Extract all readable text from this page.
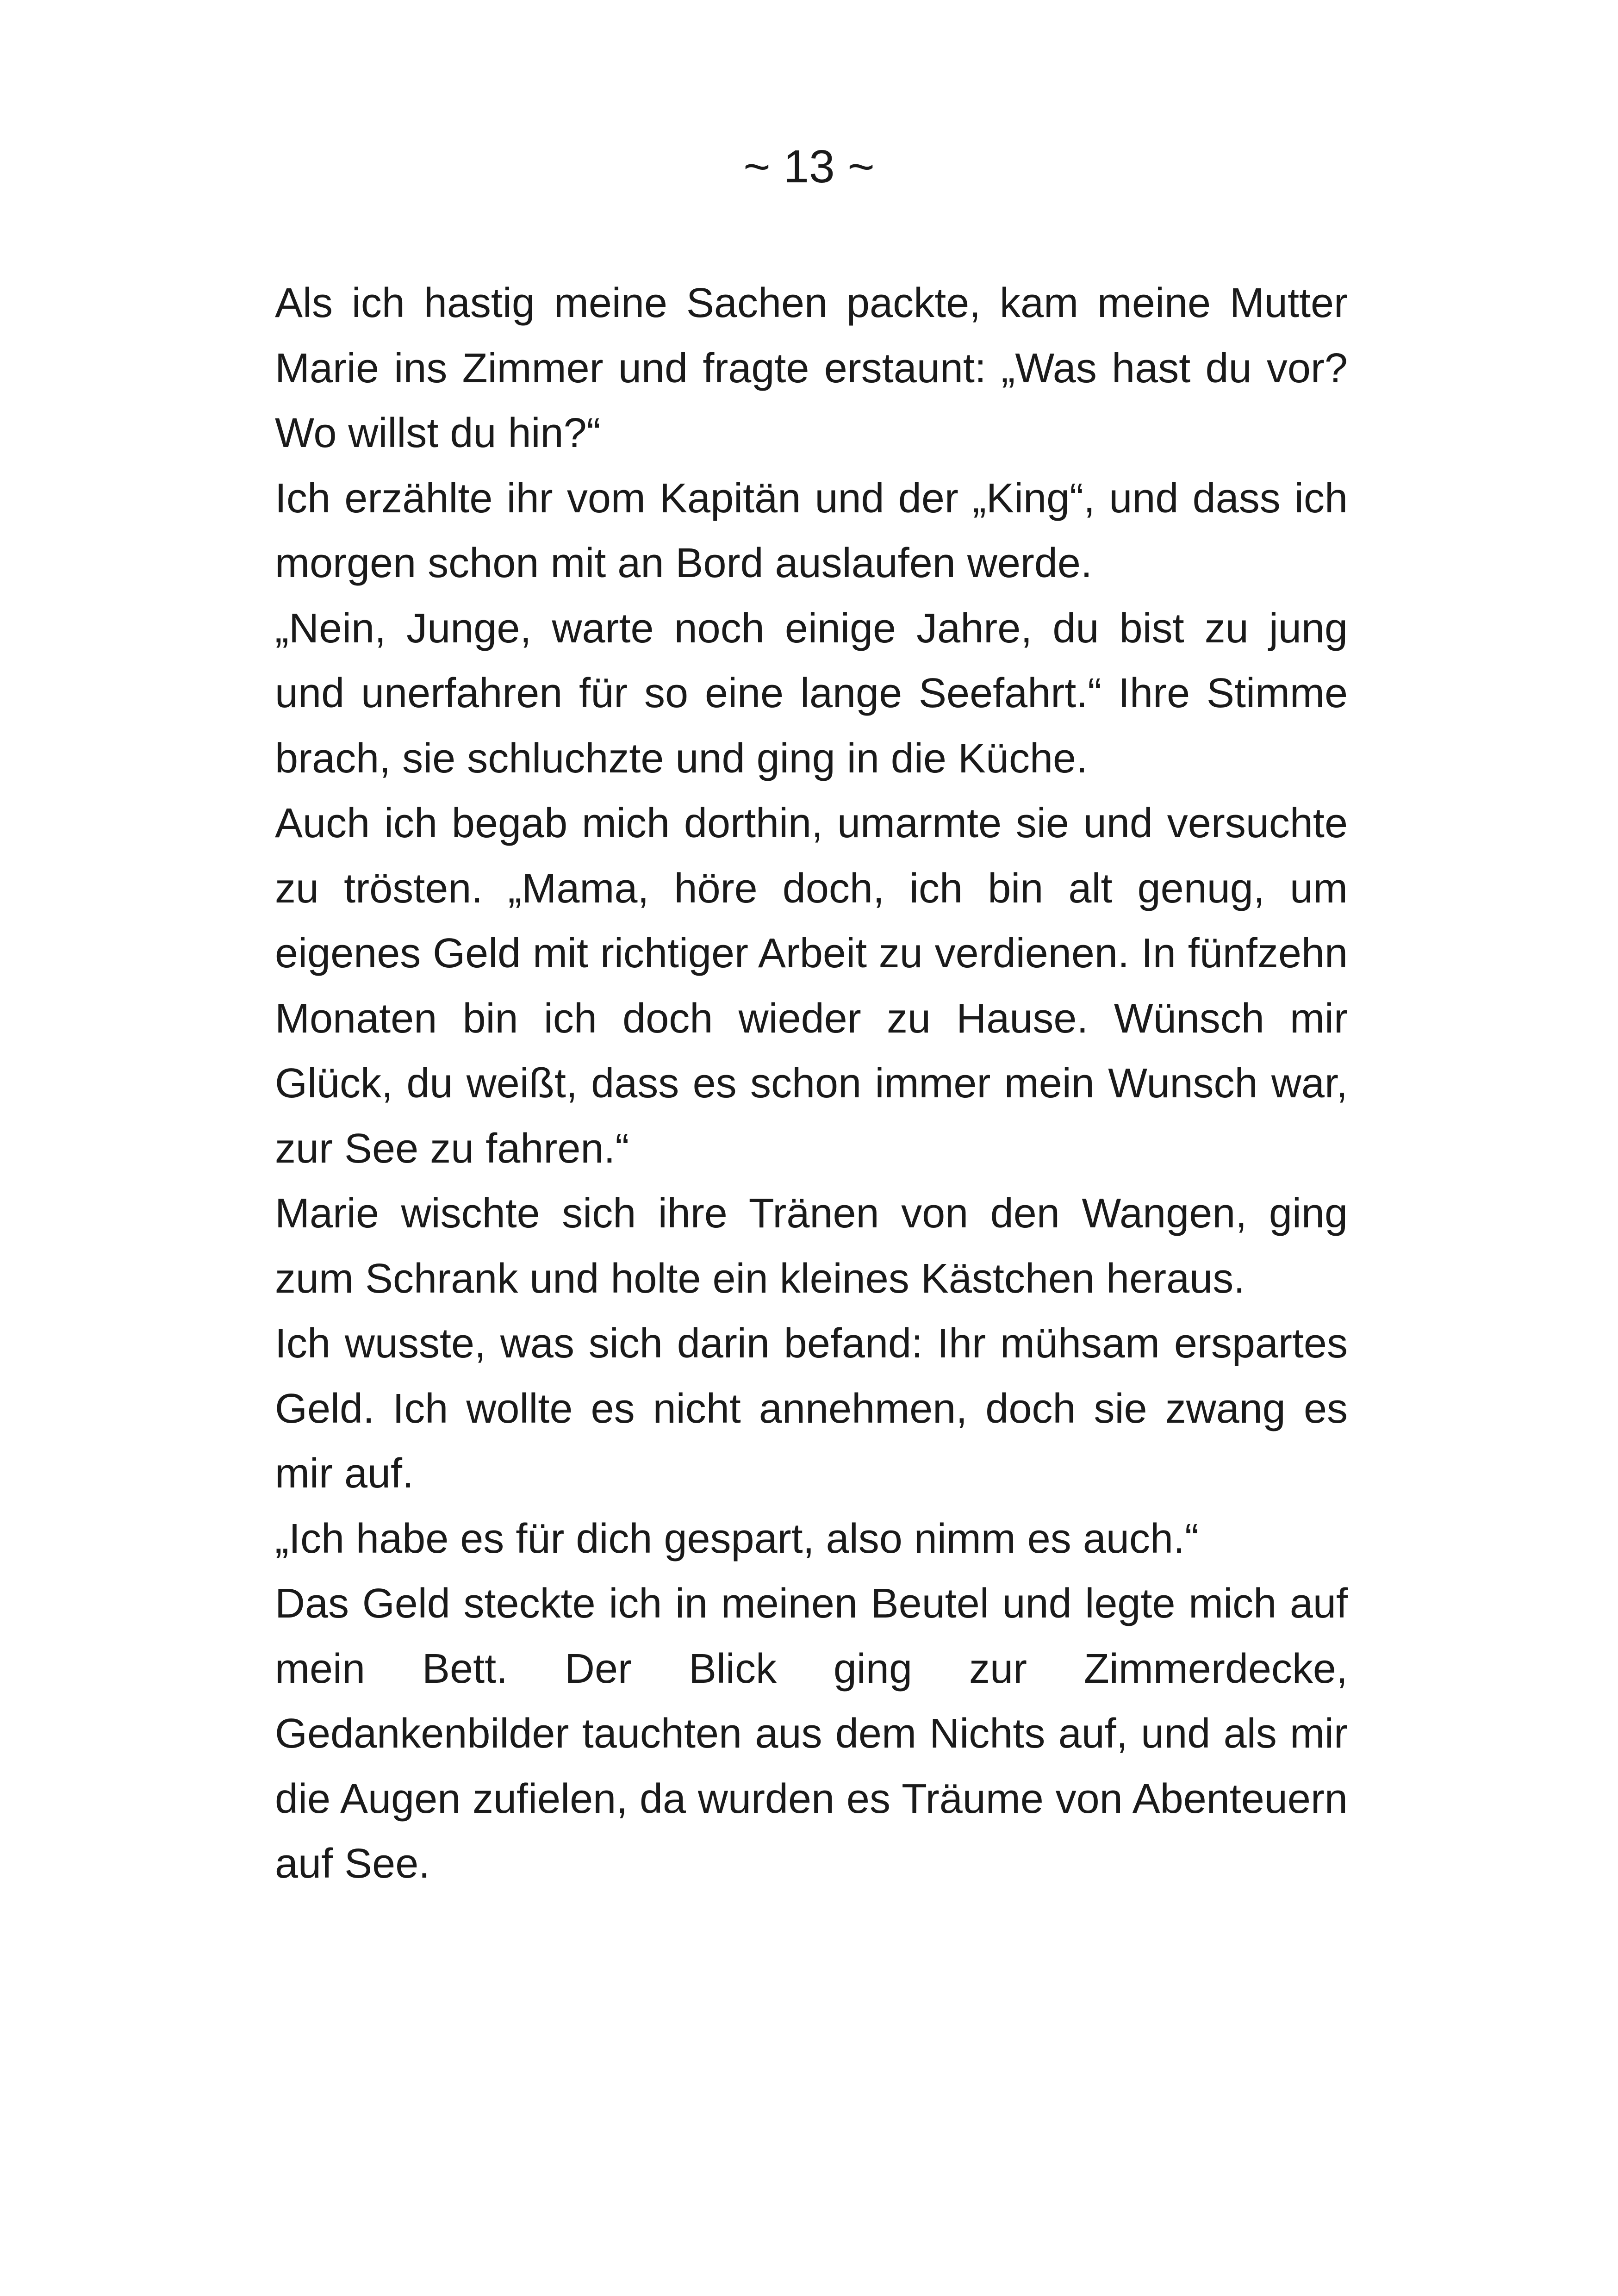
~ 13 ~

Als ich hastig meine Sachen packte, kam meine Mutter Marie ins Zimmer und fragte erstaunt: „Was hast du vor? Wo willst du hin?“

Ich erzählte ihr vom Kapitän und der „King“, und dass ich morgen schon mit an Bord auslaufen werde.

„Nein, Junge, warte noch einige Jahre, du bist zu jung und unerfahren für so eine lange Seefahrt.“ Ihre Stimme brach, sie schluchzte und ging in die Küche.

Auch ich begab mich dorthin, umarmte sie und versuchte zu trösten. „Mama, höre doch, ich bin alt genug, um eigenes Geld mit richtiger Arbeit zu verdienen. In fünfzehn Monaten bin ich doch wieder zu Hause. Wünsch mir Glück, du weißt, dass es schon immer mein Wunsch war, zur See zu fahren.“

Marie wischte sich ihre Tränen von den Wangen, ging zum Schrank und holte ein kleines Kästchen heraus.

Ich wusste, was sich darin befand: Ihr mühsam erspartes Geld. Ich wollte es nicht annehmen, doch sie zwang es mir auf.

„Ich habe es für dich gespart, also nimm es auch.“

Das Geld steckte ich in meinen Beutel und legte mich auf mein Bett. Der Blick ging zur Zimmerdecke, Gedankenbilder tauchten aus dem Nichts auf, und als mir die Augen zufielen, da wurden es Träume von Abenteuern auf See.
